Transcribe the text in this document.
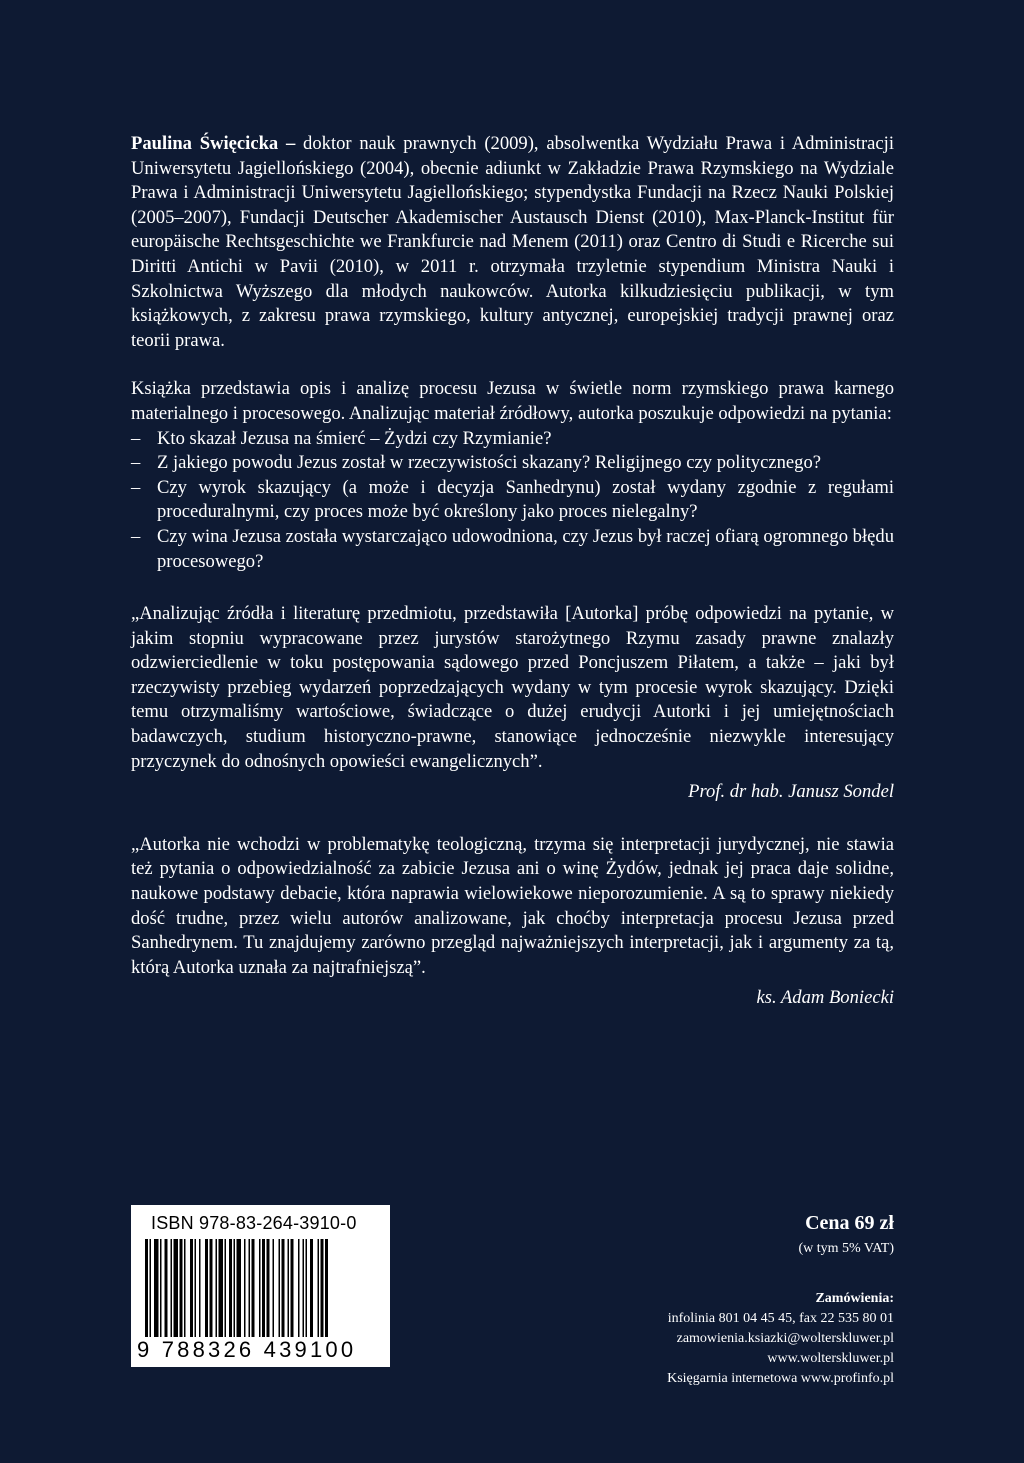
Paulina Święcicka – doktor nauk prawnych (2009), absolwentka Wydziału Prawa i Administracji Uniwersytetu Jagiellońskiego (2004), obecnie adiunkt w Zakładzie Prawa Rzymskiego na Wydziale Prawa i Administracji Uniwersytetu Jagiellońskiego; stypendystka Fundacji na Rzecz Nauki Polskiej (2005–2007), Fundacji Deutscher Akademischer Austausch Dienst (2010), Max-Planck-Institut für europäische Rechtsgeschichte we Frankfurcie nad Menem (2011) oraz Centro di Studi e Ricerche sui Diritti Antichi w Pavii (2010), w 2011 r. otrzymała trzyletnie stypendium Ministra Nauki i Szkolnictwa Wyższego dla młodych naukowców. Autorka kilkudziesięciu publikacji, w tym książkowych, z zakresu prawa rzymskiego, kultury antycznej, europejskiej tradycji prawnej oraz teorii prawa.

Książka przedstawia opis i analizę procesu Jezusa w świetle norm rzymskiego prawa karnego materialnego i procesowego. Analizując materiał źródłowy, autorka poszukuje odpowiedzi na pytania:

– Kto skazał Jezusa na śmierć – Żydzi czy Rzymianie?
– Z jakiego powodu Jezus został w rzeczywistości skazany? Religijnego czy politycznego?
– Czy wyrok skazujący (a może i decyzja Sanhedrynu) został wydany zgodnie z regułami proceduralnymi, czy proces może być określony jako proces nielegalny?
– Czy wina Jezusa została wystarczająco udowodniona, czy Jezus był raczej ofiarą ogromnego błędu procesowego?

„Analizując źródła i literaturę przedmiotu, przedstawiła [Autorka] próbę odpowiedzi na pytanie, w jakim stopniu wypracowane przez jurystów starożytnego Rzymu zasady prawne znalazły odzwierciedlenie w toku postępowania sądowego przed Poncjuszem Piłatem, a także – jaki był rzeczywisty przebieg wydarzeń poprzedzających wydany w tym procesie wyrok skazujący. Dzięki temu otrzymaliśmy wartościowe, świadczące o dużej erudycji Autorki i jej umiejętnościach badawczych, studium historyczno-prawne, stanowiące jednocześnie niezwykle interesujący przyczynek do odnośnych opowieści ewangelicznych”.

Prof. dr hab. Janusz Sondel

„Autorka nie wchodzi w problematykę teologiczną, trzyma się interpretacji jurydycznej, nie stawia też pytania o odpowiedzialność za zabicie Jezusa ani o winę Żydów, jednak jej praca daje solidne, naukowe podstawy debacie, która naprawia wielowiekowe nieporozumienie. A są to sprawy niekiedy dość trudne, przez wielu autorów analizowane, jak choćby interpretacja procesu Jezusa przed Sanhedrynem. Tu znajdujemy zarówno przegląd najważniejszych interpretacji, jak i argumenty za tą, którą Autorka uznała za najtrafniejszą”.

ks. Adam Boniecki
ISBN 978-83-264-3910-0
9 788326 439100
Cena 69 zł
(w tym 5% VAT)
Zamówienia:
infolinia 801 04 45 45, fax 22 535 80 01
zamowienia.ksiazki@wolterskluwer.pl
www.wolterskluwer.pl
Księgarnia internetowa www.profinfo.pl
